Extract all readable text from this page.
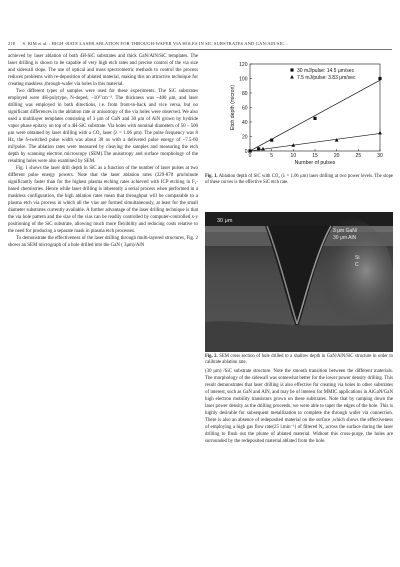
218 S. KIM et al. : HIGH -RATE LASER ABLATION FOR THROUGH-WAFER VIA HOLES IN SIC SUBSTRATES AND GAN/AlN/SIC...

achieved by laser ablation of both 4H-SiC substrates and thick GaN/AlN/SiC templates. The laser drilling is shown to be capable of very high etch rates and precise control of the via size and sidewall slope. The use of optical and mass spectrometric methods to control the process reduces problems with re-deposition of ablated material, making this an attractive technique for creating maskless ,through-wafer via holes in this material.

Two different types of samples were used for these experiments. The SiC substrates employed were 4H-polytype, N-doped, ~10¹⁷cm⁻³. The thickness was ~400 μm, and laser drilling was employed in both directions, i.e. from front-to-back and vice versa, but no significant differences in the ablation rate or anisotropy of the via holes were observed. We also used a multilayer templates consisting of 3 μm of GaN and 30 μm of AlN grown by hydride vapor phase epitaxy on top of a 4H-SiC substrate. Via holes with nominal diameters of 50 – 500 μm were obtained by laser drilling with a CO₂ laser (λ = 1.06 μm). The pulse frequency was 8 Hz, the δ-switched pulse width was about 30 ns with a delivered pulse energy of ~7.5-60 mJ/pulse. The ablation rates were measured by cleaving the samples and measuring the etch depth by scanning electron microscopy (SEM).The anisotropy and surface morphology of the resulting holes were also examined by SEM.

Fig. 1 shows the laser drill depth in SiC as a function of the number of laser pulses at two different pulse energy powers. Note that the laser ablation rates (229-870 μm/minute significantly faster than for the highest plasma etching rates achieved with ICP etching in F₂-based chemistries. Hence while laser drilling is inherently a serial process when performed in a maskless configuration, the high ablation rates mean that throughput will be comparable to a plasma etch via process in which all the vias are formed simultaneously, at least for the small diameter substrates currently available. A further advantage of the laser drilling technique is that the via hole pattern and the size of the vias can be readily controlled by computer-controlled x-y positioning of the SiC substrate, allowing much more flexibility and reducing costs relative to the need for producing a separate mask in plasma etch processes.

To demonstrate the effectiveness of the laser drilling through multi-layered structures, Fig. 2 shows an SEM micrograph of a hole drilled into the GaN ( 3μm)/AlN

0	5	10	15	20	25	30
0
20
40
60
80
100
120
Number of pulses
Etch depth (micron)
30 mJ/pulse: 14.5 μm/sec
7.5 mJ/pulse: 3.83 μm/sec
Fig. 1. Ablation depth of SiC with CO₂ (λ = 1.06 μm) laser drilling at two power levels. The slope of these curves is the effective SiC etch rate.
30 μm
3 μm GaN/
30 μm AlN
Si
C
Fig. 2. SEM cross section of hole drilled to a shallow depth in GaN/AlN/SiC structure in order to calibrate ablation rate.

(30 μm) /SiC substrate structure. Note the smooth transition between the different materials. The morphology of the sidewall was somewhat better for the lower power density drilling. This result demonstrates that laser drilling is also effective for creating via holes in other substrates of interest, such as GaN and AlN, and may be of interest for MMIC applications in AlGaN/GaN high electron mobility transistors grown on these substrates. Note that by ramping down the laser power density as the drilling proceeds, we were able to taper the edges of the hole. This is highly desirable for subsequent metallization to complete the through wafer via connection. There is also an absence of redeposited material on the surface ,which shows the effectiveness of employing a high gas flow rate(25 l.min⁻¹) of filtered N₂ across the surface during the laser drilling to flush out the plume of ablated material. Without this cross-purge, the holes are surrounded by the redeposited material ablated from the hole.
